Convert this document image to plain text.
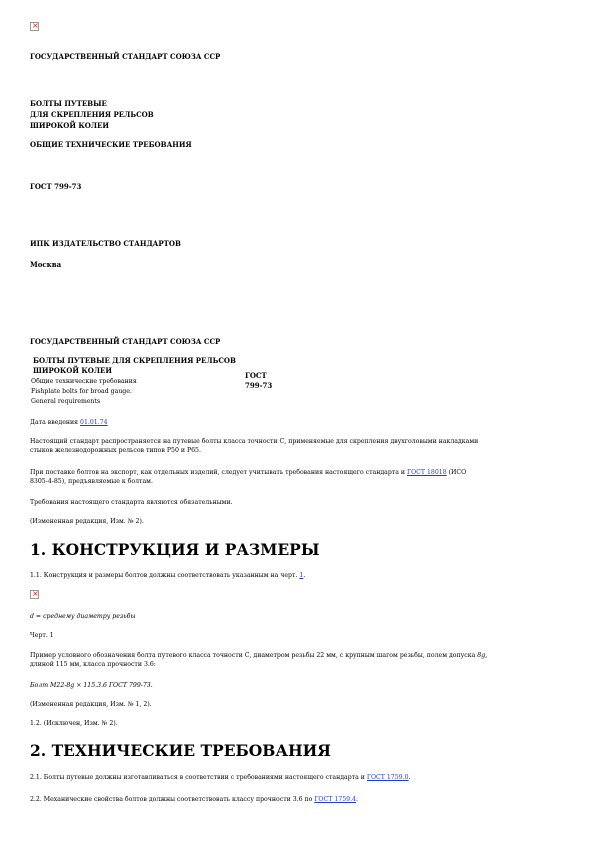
×
ГОСУДАРСТВЕННЫЙ СТАНДАРТ СОЮЗА ССР
БОЛТЫ ПУТЕВЫЕ
ДЛЯ СКРЕПЛЕНИЯ РЕЛЬСОВ
ШИРОКОЙ КОЛЕИ
ОБЩИЕ ТЕХНИЧЕСКИЕ ТРЕБОВАНИЯ
ГОСТ 799-73
ИПК ИЗДАТЕЛЬСТВО СТАНДАРТОВ
Москва
ГОСУДАРСТВЕННЫЙ СТАНДАРТ СОЮЗА ССР
БОЛТЫ ПУТЕВЫЕ ДЛЯ СКРЕПЛЕНИЯ РЕЛЬСОВ
ШИРОКОЙ КОЛЕИ
Общие технические требования
Fishplate bolts for broad gauge.
General requirements
ГОСТ
799-73
Дата введения 01.01.74
Настоящий стандарт распространяется на путевые болты класса точности С, применяемые для скрепления двухголовыми накладками
стыков железнодорожных рельсов типов Р50 и Р65.
При поставке болтов на экспорт, как отдельных изделий, следует учитывать требования настоящего стандарта и ГОСТ 18018 (ИСО
8305-4-85), предъявляемые к болтам.
Требования настоящего стандарта являются обязательными.
(Измененная редакция, Изм. № 2).
1. КОНСТРУКЦИЯ И РАЗМЕРЫ
1.1. Конструкция и размеры болтов должны соответствовать указанным на черт. 1.
×
d = среднему диаметру резьбы
Черт. 1
Пример условного обозначения болта путевого класса точности С, диаметром резьбы 22 мм, с крупным шагом резьбы, полем допуска 8g,
длиной 115 мм, класса прочности 3.6:
Болт М22-8g × 115.3.6 ГОСТ 799-73.
(Измененная редакция, Изм. № 1, 2).
1.2. (Исключен, Изм. № 2).
2. ТЕХНИЧЕСКИЕ ТРЕБОВАНИЯ
2.1. Болты путевые должны изготавливаться в соответствии с требованиями настоящего стандарта и ГОСТ 1759.0.
2.2. Механические свойства болтов должны соответствовать классу прочности 3.6 по ГОСТ 1759.4.
